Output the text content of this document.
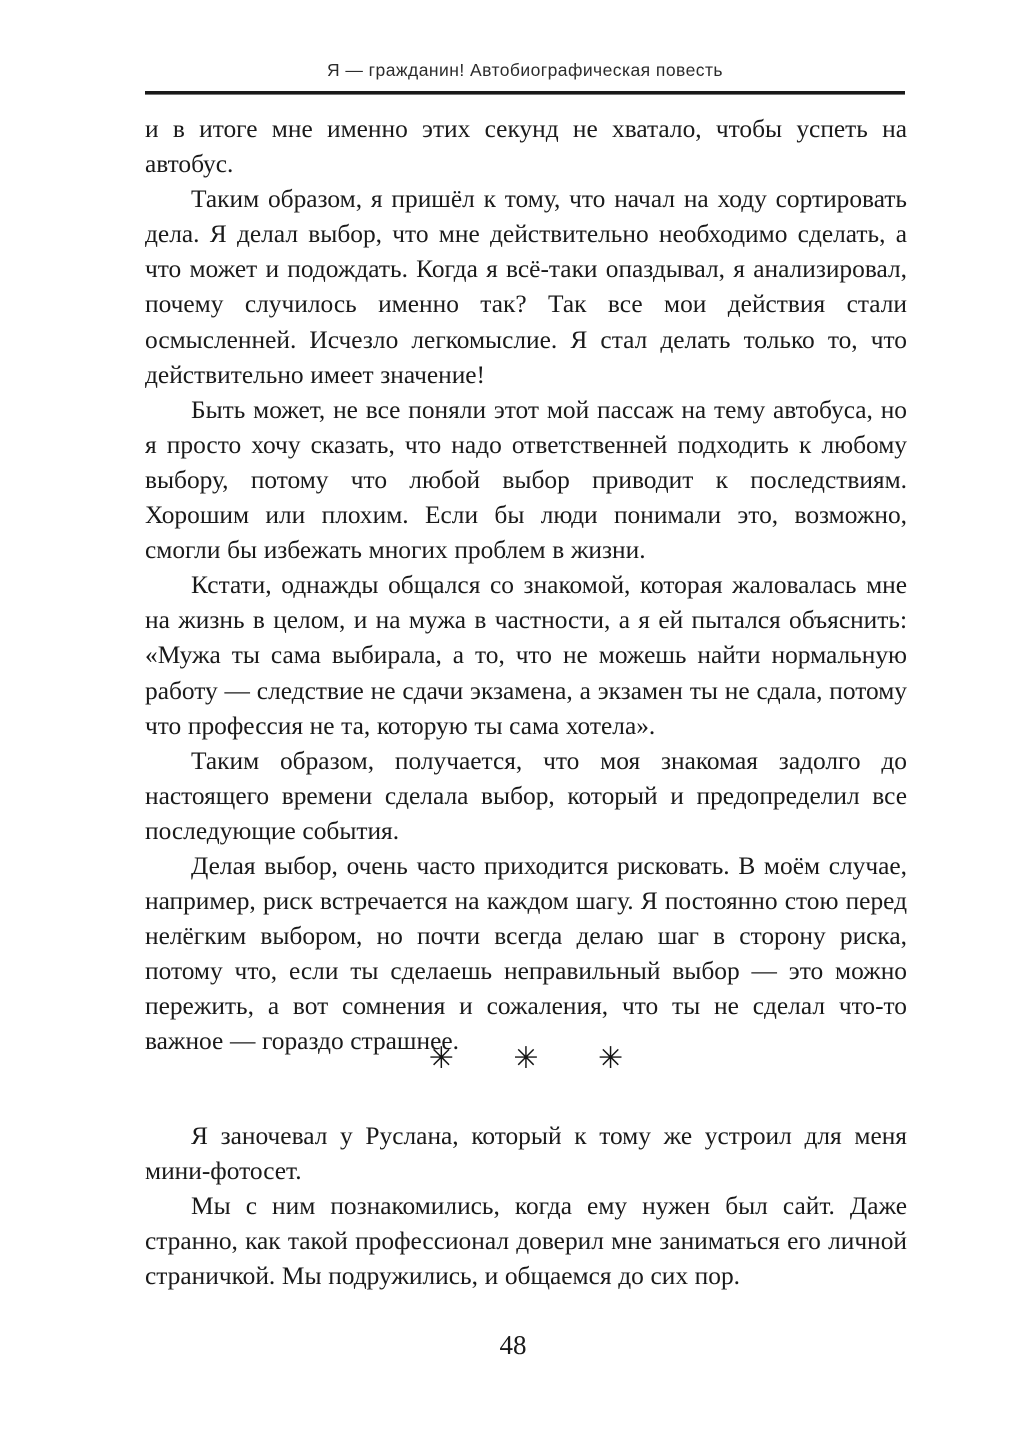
Я — гражданин! Автобиографическая повесть

и в итоге мне именно этих секунд не хватало, чтобы успеть на автобус.

Таким образом, я пришёл к тому, что начал на ходу сортировать дела. Я делал выбор, что мне действительно необходимо сделать, а что может и подождать. Когда я всё-таки опаздывал, я анализировал, почему случилось именно так? Так все мои действия стали осмысленней. Исчезло легкомыслие. Я стал делать только то, что действительно имеет значение!

Быть может, не все поняли этот мой пассаж на тему автобуса, но я просто хочу сказать, что надо ответственней подходить к любому выбору, потому что любой выбор приводит к последствиям. Хорошим или плохим. Если бы люди понимали это, возможно, смогли бы избежать многих проблем в жизни.

Кстати, однажды общался со знакомой, которая жаловалась мне на жизнь в целом, и на мужа в частности, а я ей пытался объяснить: «Мужа ты сама выбирала, а то, что не можешь найти нормальную работу — следствие не сдачи экзамена, а экзамен ты не сдала, потому что профессия не та, которую ты сама хотела».

Таким образом, получается, что моя знакомая задолго до настоящего времени сделала выбор, который и предопределил все последующие события.

Делая выбор, очень часто приходится рисковать. В моём случае, например, риск встречается на каждом шагу. Я постоянно стою перед нелёгким выбором, но почти всегда делаю шаг в сторону риска, потому что, если ты сделаешь неправильный выбор — это можно пережить, а вот сомнения и сожаления, что ты не сделал что-то важное — гораздо страшнее.

✳ ✳ ✳

Я заночевал у Руслана, который к тому же устроил для меня мини-фотосет.

Мы с ним познакомились, когда ему нужен был сайт. Даже странно, как такой профессионал доверил мне заниматься его личной страничкой. Мы подружились, и общаемся до сих пор.

48
